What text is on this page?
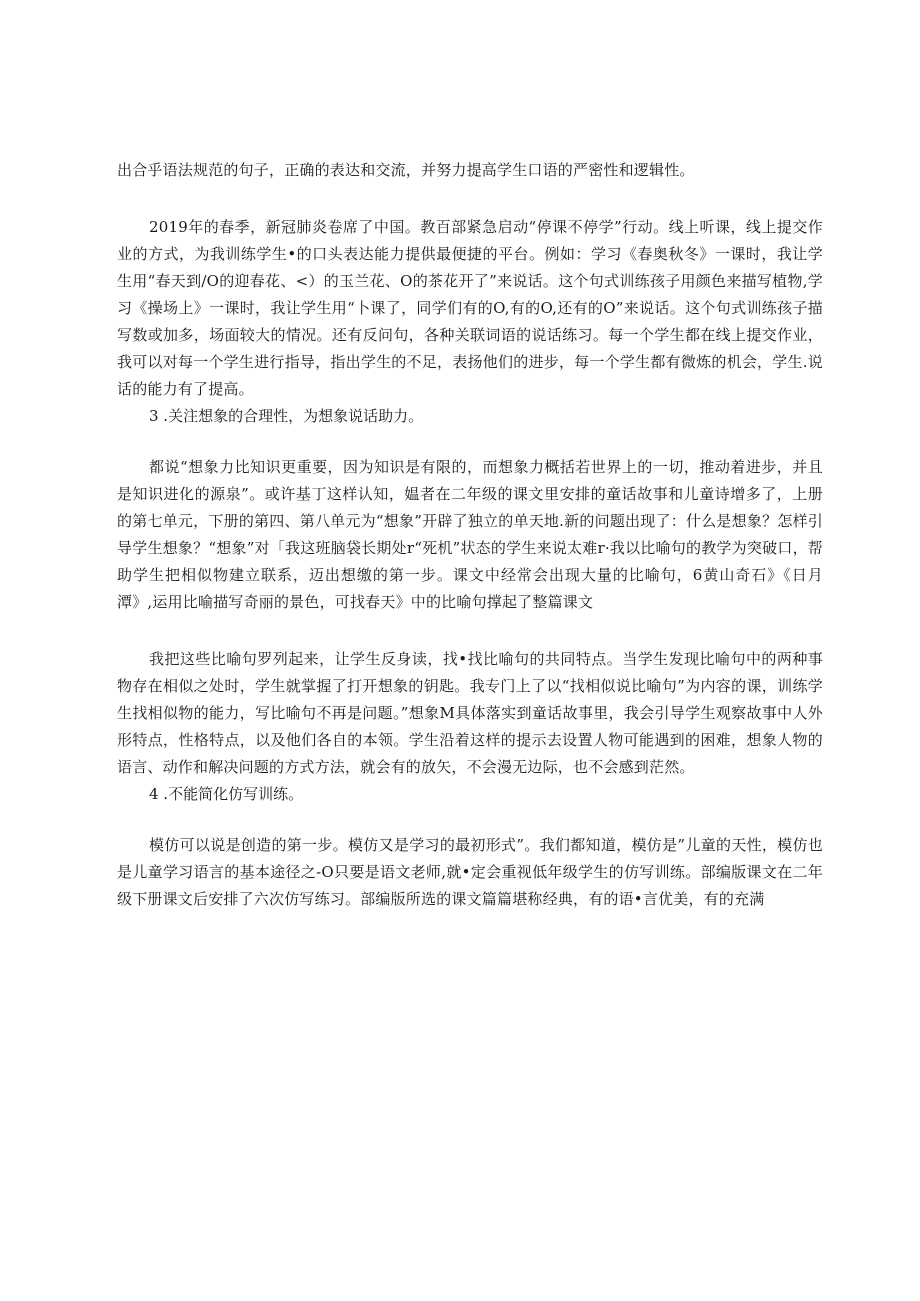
出合乎语法规范的句子，正确的表达和交流，并努力提高学生口语的严密性和逻辑性。

2019年的春季，新冠肺炎卷席了中国。教百部紧急启动“停课不停学”行动。线上听课，线上提交作业的方式，为我训练学生•的口头表达能力提供最便捷的平台。例如：学习《春奥秋冬》一课时，我让学生用“春天到/O的迎春花、<）的玉兰花、O的茶花开了”来说话。这个句式训练孩子用颜色来描写植物,学习《操场上》一课时，我让学生用“卜课了，同学们有的O,有的O,还有的O”来说话。这个句式训练孩子描写数或加多，场面较大的情况。还有反问句，各种关联词语的说话练习。每一个学生都在线上提交作业，我可以对每一个学生进行指导，指出学生的不足，表扬他们的进步，每一个学生都有微炼的机会，学生.说话的能力有了提高。

3 .关注想象的合理性，为想象说话助力。

都说“想象力比知识更重要，因为知识是有限的，而想象力概括若世界上的一切，推动着进步，并且是知识进化的源泉”。或许基丁这样认知，媪者在二年级的课文里安排的童话故事和儿童诗增多了，上册的第七单元，下册的第四、第八单元为“想象”开辟了独立的单天地.新的问题出现了：什么是想象？怎样引导学生想象？“想象”对「我这班脑袋长期处r“死机”状态的学生来说太难r·我以比喻句的教学为突破口，帮助学生把相似物建立联系，迈出想缴的第一步。课文中经常会出现大量的比喻句，6黄山奇石》《日月潭》,运用比喻描写奇丽的景色，可找春天》中的比喻句撑起了整篇课文

我把这些比喻句罗列起来，让学生反身读，找•找比喻句的共同特点。当学生发现比喻句中的两种事物存在相似之处时，学生就掌握了打开想象的钥匙。我专门上了以“找相似说比喻句”为内容的课，训练学生找相似物的能力，写比喻句不再是问题。”想象M具体落实到童话故事里，我会引导学生观察故事中人外形特点，性格特点，以及他们各自的本领。学生沿着这样的提示去设置人物可能遇到的困难，想象人物的语言、动作和解决问题的方式方法，就会有的放矢，不会漫无边际，也不会感到茫然。

4 .不能简化仿写训练。

模仿可以说是创造的第一步。模仿又是学习的最初形式”。我们都知道，模仿是”儿童的天性，模仿也是儿童学习语言的基本途径之-O只要是语文老师,就•定会重视低年级学生的仿写训练。部编版课文在二年级下册课文后安排了六次仿写练习。部编版所选的课文篇篇堪称经典，有的语•言优美，有的充满
